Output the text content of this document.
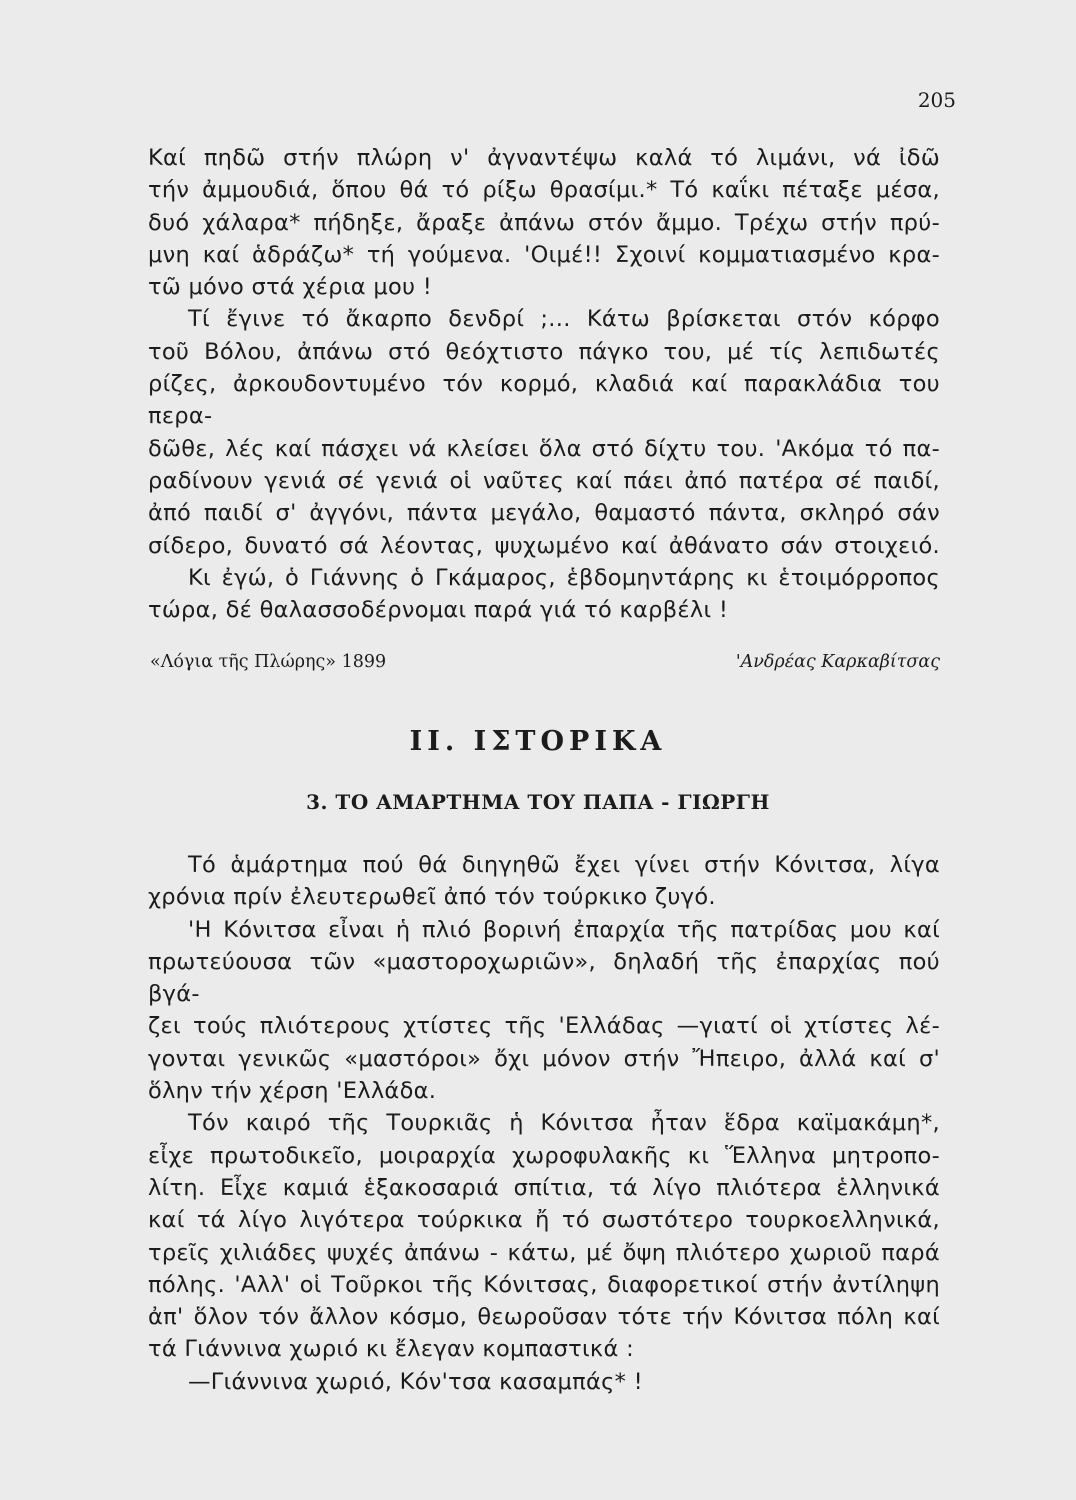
205

Καί πηδῶ στήν πλώρη ν' ἀγναντέψω καλά τό λιμάνι, νά ἰδῶ

τήν ἀμμουδιά, ὅπου θά τό ρίξω θρασίμι.* Τό καΐκι πέταξε μέσα,

δυό χάλαρα* πήδηξε, ἄραξε ἀπάνω στόν ἄμμο. Τρέχω στήν πρύ-

μνη καί ἁδράζω* τή γούμενα. 'Οιμέ!! Σχοινί κομματιασμένο κρα-

τῶ μόνο στά χέρια μου !

Τί ἔγινε τό ἄκαρπο δενδρί ;... Κάτω βρίσκεται στόν κόρφο

τοῦ Βόλου, ἀπάνω στό θεόχτιστο πάγκο του, μέ τίς λεπιδωτές

ρίζες, ἀρκουδοντυμένο τόν κορμό, κλαδιά καί παρακλάδια του περα-

δῶθε, λές καί πάσχει νά κλείσει ὅλα στό δίχτυ του. 'Ακόμα τό πα-

ραδίνουν γενιά σέ γενιά οἱ ναῦτες καί πάει ἀπό πατέρα σέ παιδί,

ἀπό παιδί σ' ἀγγόνι, πάντα μεγάλο, θαμαστό πάντα, σκληρό σάν

σίδερο, δυνατό σά λέοντας, ψυχωμένο καί ἀθάνατο σάν στοιχειό.

Κι ἐγώ, ὁ Γιάννης ὁ Γκάμαρος, ἑβδομηντάρης κι ἑτοιμόρροπος

τώρα, δέ θαλασσοδέρνομαι παρά γιά τό καρβέλι !

«Λόγια τῆς Πλώρης» 1899	'Ανδρέας Καρκαβίτσας
ΙΙ. ΙΣΤΟΡΙΚΑ
3. ΤΟ ΑΜΑΡΤΗΜΑ ΤΟΥ ΠΑΠΑ - ΓΙΩΡΓΗ

Τό ἁμάρτημα πού θά διηγηθῶ ἔχει γίνει στήν Κόνιτσα, λίγα

χρόνια πρίν ἐλευτερωθεῖ ἀπό τόν τούρκικο ζυγό.

'Η Κόνιτσα εἶναι ἡ πλιό βορινή ἐπαρχία τῆς πατρίδας μου καί

πρωτεύουσα τῶν «μαστοροχωριῶν», δηλαδή τῆς ἐπαρχίας πού βγά-

ζει τούς πλιότερους χτίστες τῆς 'Ελλάδας —γιατί οἱ χτίστες λέ-

γονται γενικῶς «μαστόροι» ὄχι μόνον στήν Ἤπειρο, ἀλλά καί σ'

ὅλην τήν χέρση 'Ελλάδα.

Τόν καιρό τῆς Τουρκιᾶς ἡ Κόνιτσα ἦταν ἕδρα καϊμακάμη*,

εἶχε πρωτοδικεῖο, μοιραρχία χωροφυλακῆς κι Ἕλληνα μητροπο-

λίτη. Εἶχε καμιά ἑξακοσαριά σπίτια, τά λίγο πλιότερα ἑλληνικά

καί τά λίγο λιγότερα τούρκικα ἤ τό σωστότερο τουρκοελληνικά,

τρεῖς χιλιάδες ψυχές ἀπάνω - κάτω, μέ ὄψη πλιότερο χωριοῦ παρά

πόλης. 'Αλλ' οἱ Τοῦρκοι τῆς Κόνιτσας, διαφορετικοί στήν ἀντίληψη

ἀπ' ὅλον τόν ἄλλον κόσμο, θεωροῦσαν τότε τήν Κόνιτσα πόλη καί

τά Γιάννινα χωριό κι ἔλεγαν κομπαστικά :

—Γιάννινα χωριό, Κόν'τσα κασαμπάς* !
